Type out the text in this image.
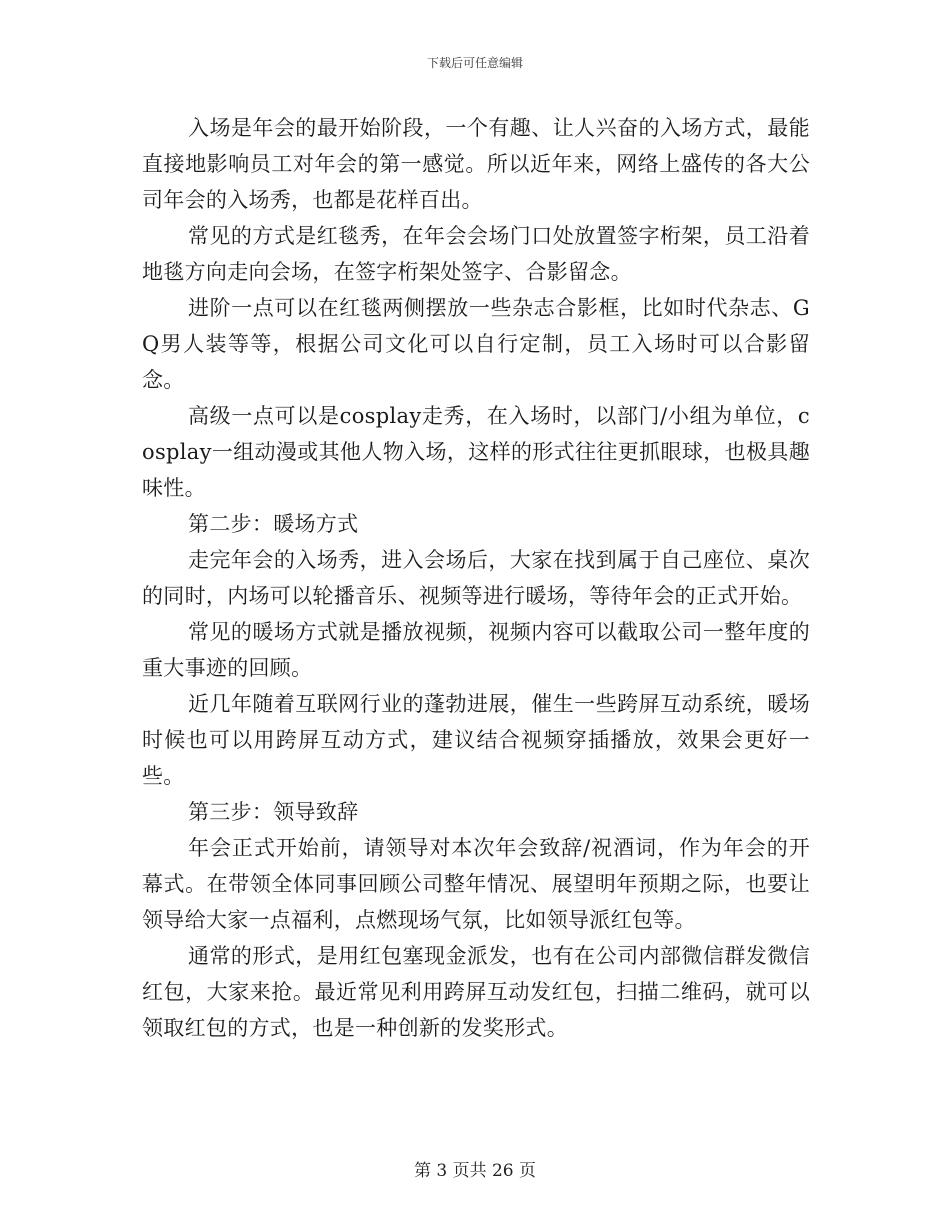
下载后可任意编辑

入场是年会的最开始阶段，一个有趣、让人兴奋的入场方式，最能直接地影响员工对年会的第一感觉。所以近年来，网络上盛传的各大公司年会的入场秀，也都是花样百出。

常见的方式是红毯秀，在年会会场门口处放置签字桁架，员工沿着地毯方向走向会场，在签字桁架处签字、合影留念。

进阶一点可以在红毯两侧摆放一些杂志合影框，比如时代杂志、GQ男人装等等，根据公司文化可以自行定制，员工入场时可以合影留念。

高级一点可以是cosplay走秀，在入场时，以部门/小组为单位，cosplay一组动漫或其他人物入场，这样的形式往往更抓眼球，也极具趣味性。

第二步：暖场方式

走完年会的入场秀，进入会场后，大家在找到属于自己座位、桌次的同时，内场可以轮播音乐、视频等进行暖场，等待年会的正式开始。

常见的暖场方式就是播放视频，视频内容可以截取公司一整年度的重大事迹的回顾。

近几年随着互联网行业的蓬勃进展，催生一些跨屏互动系统，暖场时候也可以用跨屏互动方式，建议结合视频穿插播放，效果会更好一些。

第三步：领导致辞

年会正式开始前，请领导对本次年会致辞/祝酒词，作为年会的开幕式。在带领全体同事回顾公司整年情况、展望明年预期之际，也要让领导给大家一点福利，点燃现场气氛，比如领导派红包等。

通常的形式，是用红包塞现金派发，也有在公司内部微信群发微信红包，大家来抢。最近常见利用跨屏互动发红包，扫描二维码，就可以领取红包的方式，也是一种创新的发奖形式。

第 3 页共 26 页
